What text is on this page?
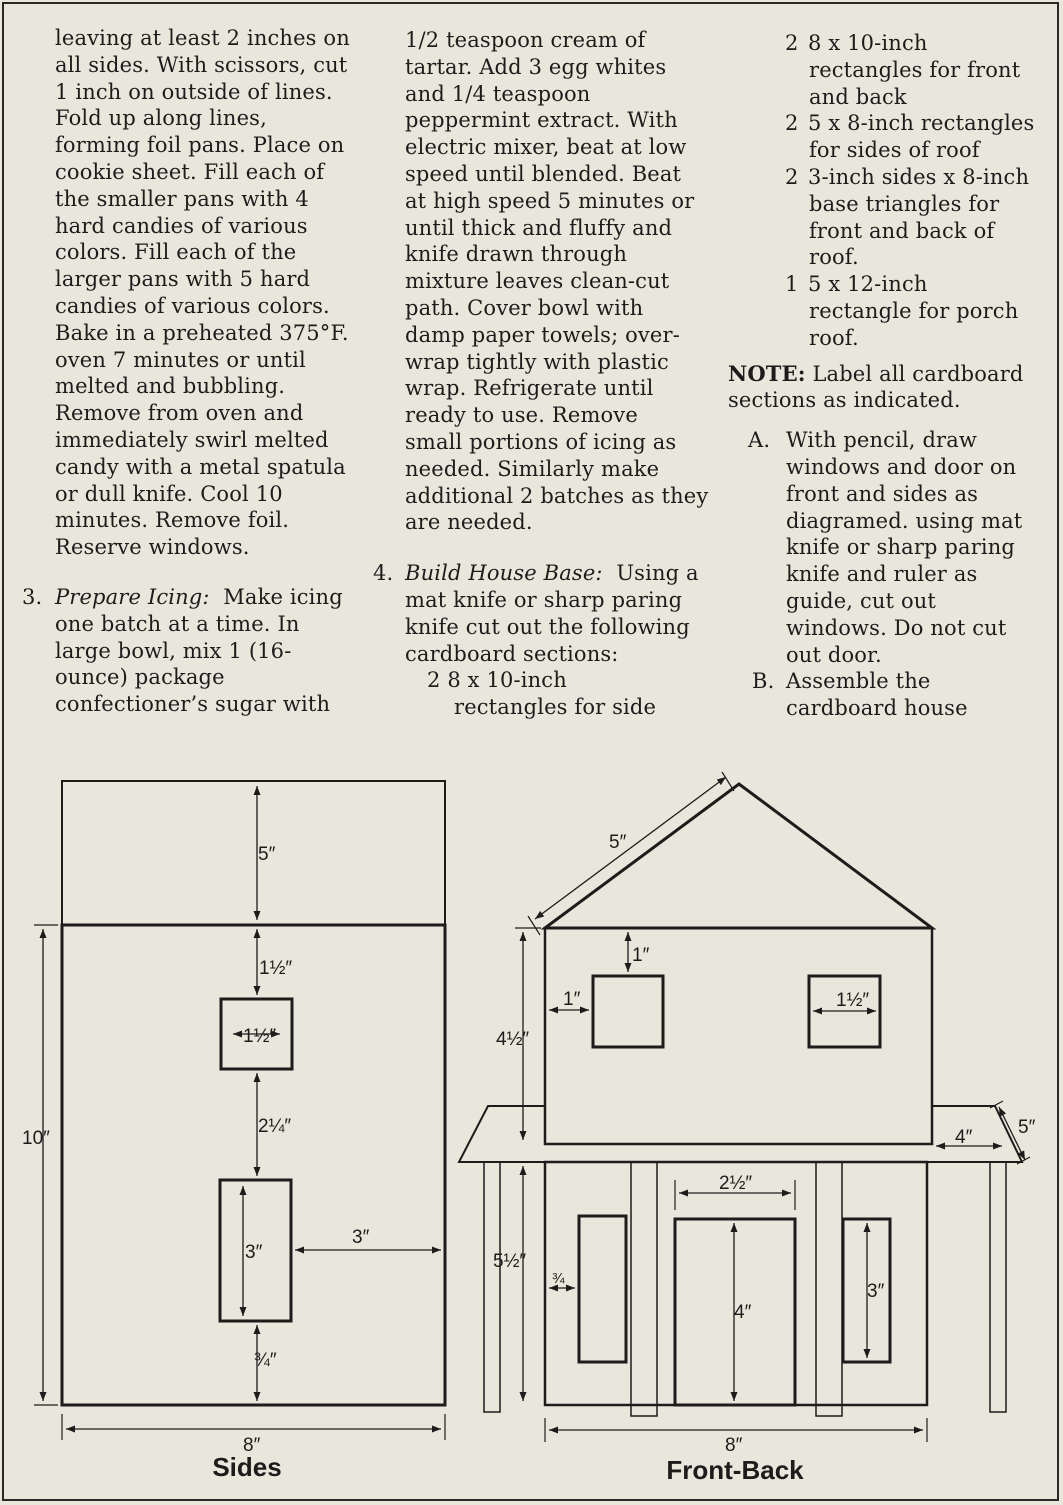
leaving at least 2 inches on
all sides. With scissors, cut
1 inch on outside of lines.
Fold up along lines,
forming foil pans. Place on
cookie sheet. Fill each of
the smaller pans with 4
hard candies of various
colors. Fill each of the
larger pans with 5 hard
candies of various colors.
Bake in a preheated 375°F.
oven 7 minutes or until
melted and bubbling.
Remove from oven and
immediately swirl melted
candy with a metal spatula
or dull knife. Cool 10
minutes. Remove foil.
Reserve windows.
3. Prepare Icing: Make icing
one batch at a time. In
large bowl, mix 1 (16-
ounce) package
confectioner’s sugar with
1/2 teaspoon cream of
tartar. Add 3 egg whites
and 1/4 teaspoon
peppermint extract. With
electric mixer, beat at low
speed until blended. Beat
at high speed 5 minutes or
until thick and fluffy and
knife drawn through
mixture leaves clean-cut
path. Cover bowl with
damp paper towels; over-
wrap tightly with plastic
wrap. Refrigerate until
ready to use. Remove
small portions of icing as
needed. Similarly make
additional 2 batches as they
are needed.
4. Build House Base: Using a
mat knife or sharp paring
knife cut out the following
cardboard sections:
2 8 x 10-inch
rectangles for side
2 8 x 10-inch
rectangles for front
and back
2 5 x 8-inch rectangles
for sides of roof
2 3-inch sides x 8-inch
base triangles for
front and back of
roof.
1 5 x 12-inch
rectangle for porch
roof.
NOTE: Label all cardboard
sections as indicated.
A. With pencil, draw
windows and door on
front and sides as
diagramed. using mat
knife or sharp paring
knife and ruler as
guide, cut out
windows. Do not cut
out door.
B. Assemble the
cardboard house
5″
1½″
1½″
2¼″
3″
3″
¾″
10″
8″
Sides
5″
1″
1″	1½″
4½″
4″ 5″
2½″
5½″
¾
4″
3″
8″
Front-Back
